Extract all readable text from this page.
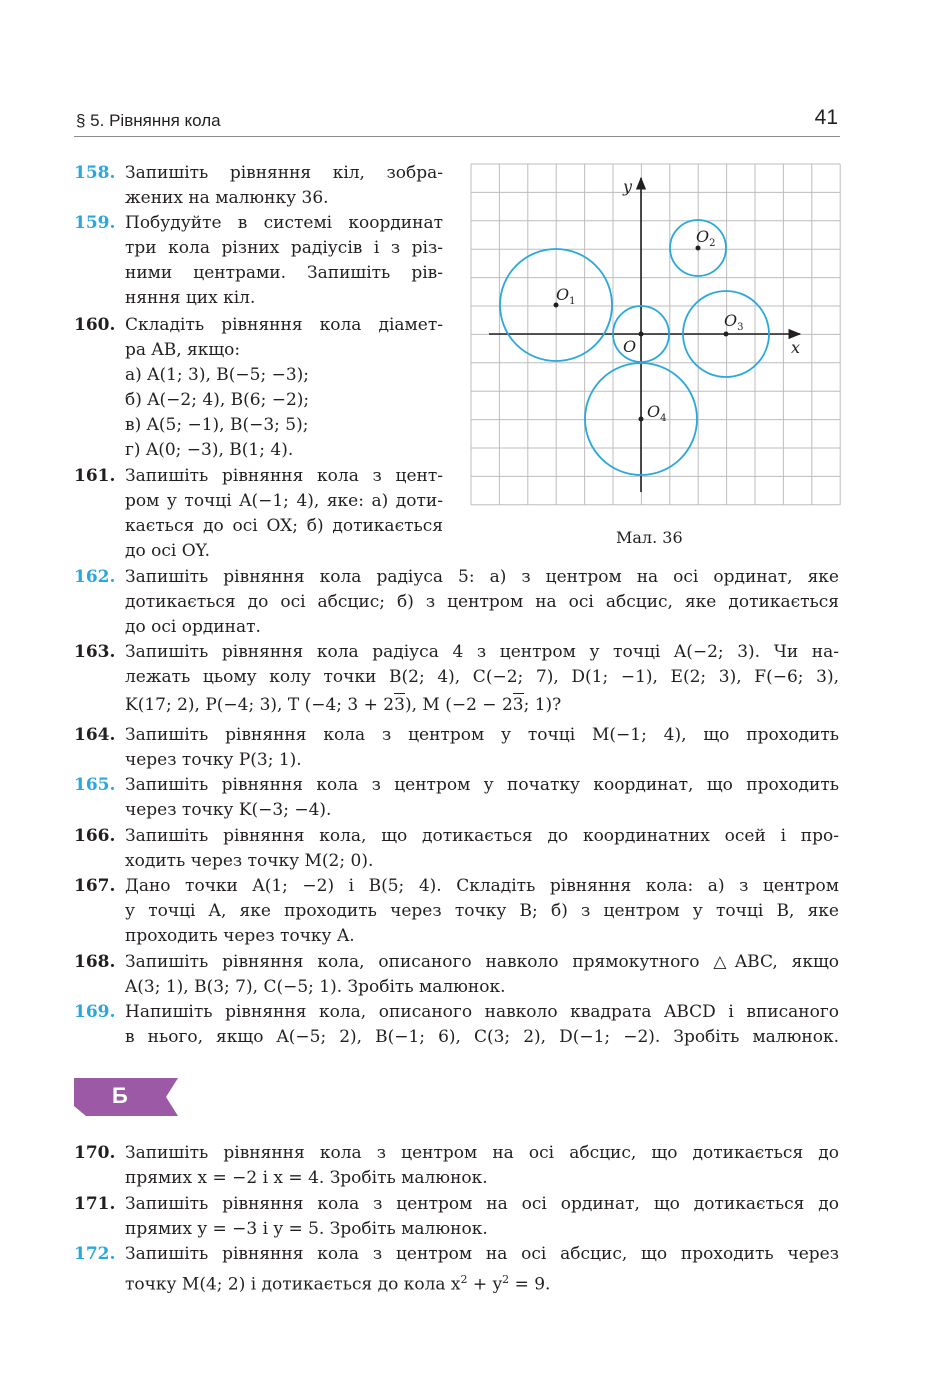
§ 5. Рівняння кола	41
158. Запишіть рівняння кіл, зобра-
жених на малюнку 36.
159. Побудуйте в системі координат
три кола різних радіусів і з різ-
ними центрами. Запишіть рів-
няння цих кіл.
160. Складіть рівняння кола діамет-
ра AB, якщо:
а) A(1; 3), B(−5; −3);
б) A(−2; 4), B(6; −2);
в) A(5; −1), B(−3; 5);
г) A(0; −3), B(1; 4).
161. Запишіть рівняння кола з цент-
ром у точці A(−1; 4), яке: а) доти-
кається до осі OX; б) дотикається
до осі OY.
y
x
O
$O_1$
$O_2$
$O_3$
$O_4$
Мал. 36
162. Запишіть рівняння кола радіуса 5: а) з центром на осі ординат, яке
дотикається до осі абсцис; б) з центром на осі абсцис, яке дотикається
до осі ординат.
163. Запишіть рівняння кола радіуса 4 з центром у точці A(−2; 3). Чи на-
лежать цьому колу точки B(2; 4), C(−2; 7), D(1; −1), E(2; 3), F(−6; 3),
K(17; 2), P(−4; 3), T (−4; 3 + 23), M (−2 − 23; 1)?
164. Запишіть рівняння кола з центром у точці M(−1; 4), що проходить
через точку P(3; 1).
165. Запишіть рівняння кола з центром у початку координат, що проходить
через точку K(−3; −4).
166. Запишіть рівняння кола, що дотикається до координатних осей і про-
ходить через точку M(2; 0).
167. Дано точки A(1; −2) і B(5; 4). Складіть рівняння кола: а) з центром
у точці A, яке проходить через точку B; б) з центром у точці B, яке
проходить через точку A.
168. Запишіть рівняння кола, описаного навколо прямокутного △ABC, якщо
A(3; 1), B(3; 7), C(−5; 1). Зробіть малюнок.
169. Напишіть рівняння кола, описаного навколо квадрата ABCD і вписаного
в нього, якщо A(−5; 2), B(−1; 6), C(3; 2), D(−1; −2). Зробіть малюнок.
Б
170. Запишіть рівняння кола з центром на осі абсцис, що дотикається до
прямих x = −2 і x = 4. Зробіть малюнок.
171. Запишіть рівняння кола з центром на осі ординат, що дотикається до
прямих y = −3 і y = 5. Зробіть малюнок.
172. Запишіть рівняння кола з центром на осі абсцис, що проходить через
точку M(4; 2) і дотикається до кола $x^2 + y^2 = 9$.
